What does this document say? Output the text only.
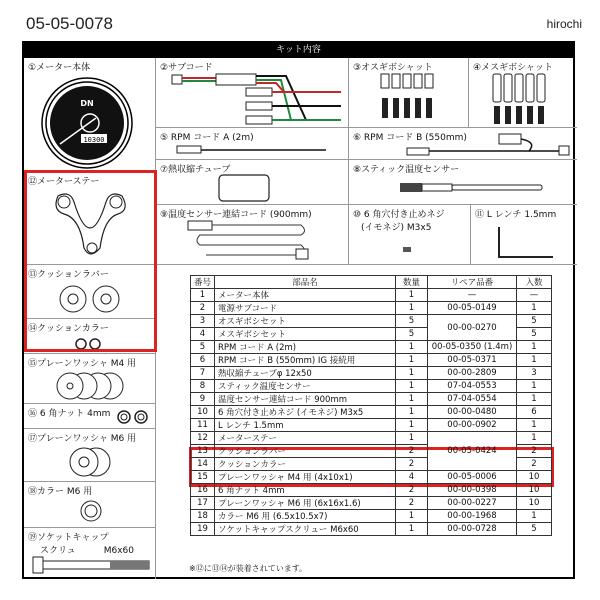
05-05-0078	hirochi
キット内容
①メーター本体
DN
10300
⑫メーターステー
⑬クッションラバー
⑭クッションカラー
⑮プレーンワッシャ M4 用
⑯ 6 角ナット 4mm
⑰プレーンワッシャ M6 用
⑱カラー M6 用
⑲ソケットキャップ
スクリュ	M6x60
②サブコード
⑤ RPM コード A (2m)
⑦熱収縮チューブ
⑨温度センサー連結コード (900mm)
③オスギボシャット	④メスギボシャット
⑥ RPM コード B (550mm)
⑧スティック温度センサー
⑩ 6 角穴付き止めネジ
(イモネジ) M3x5
⑪ L レンチ 1.5mm
番号	部品名	数量	リペア品番	入数
1	メーター本体	1	—	—
2	電源サブコード	1	00-05-0149	1
3	オスギボシセット	5	00-00-0270	5
4	メスギボシセット	5		5
5	RPM コード A (2m)	1	00-05-0350 (1.4m)	1
6	RPM コード B (550mm) IG 接続用	1	00-05-0371	1
7	熱収縮チューブφ 12x50	1	00-00-2809	3
8	スティック温度センサー	1	07-04-0553	1
9	温度センサー連結コード 900mm	1	07-04-0554	1
10	6 角穴付き止めネジ (イモネジ) M3x5	1	00-00-0480	6
11	L レンチ 1.5mm	1	00-00-0902	1
12	メーターステー	1	00-05-0424	1
13	クッションラバー	2		2
14	クッションカラー	2		2
15	プレーンワッシャ M4 用 (4x10x1)	4	00-05-0006	10
16	6 角ナット 4mm	2	00-00-0398	10
17	プレーンワッシャ M6 用 (6x16x1.6)	2	00-00-0227	10
18	カラー M6 用 (6.5x10.5x7)	1	00-00-1968	1
19	ソケットキャップスクリュー M6x60	1	00-00-0728	5
※⑫に⑬⑭が装着されています。
